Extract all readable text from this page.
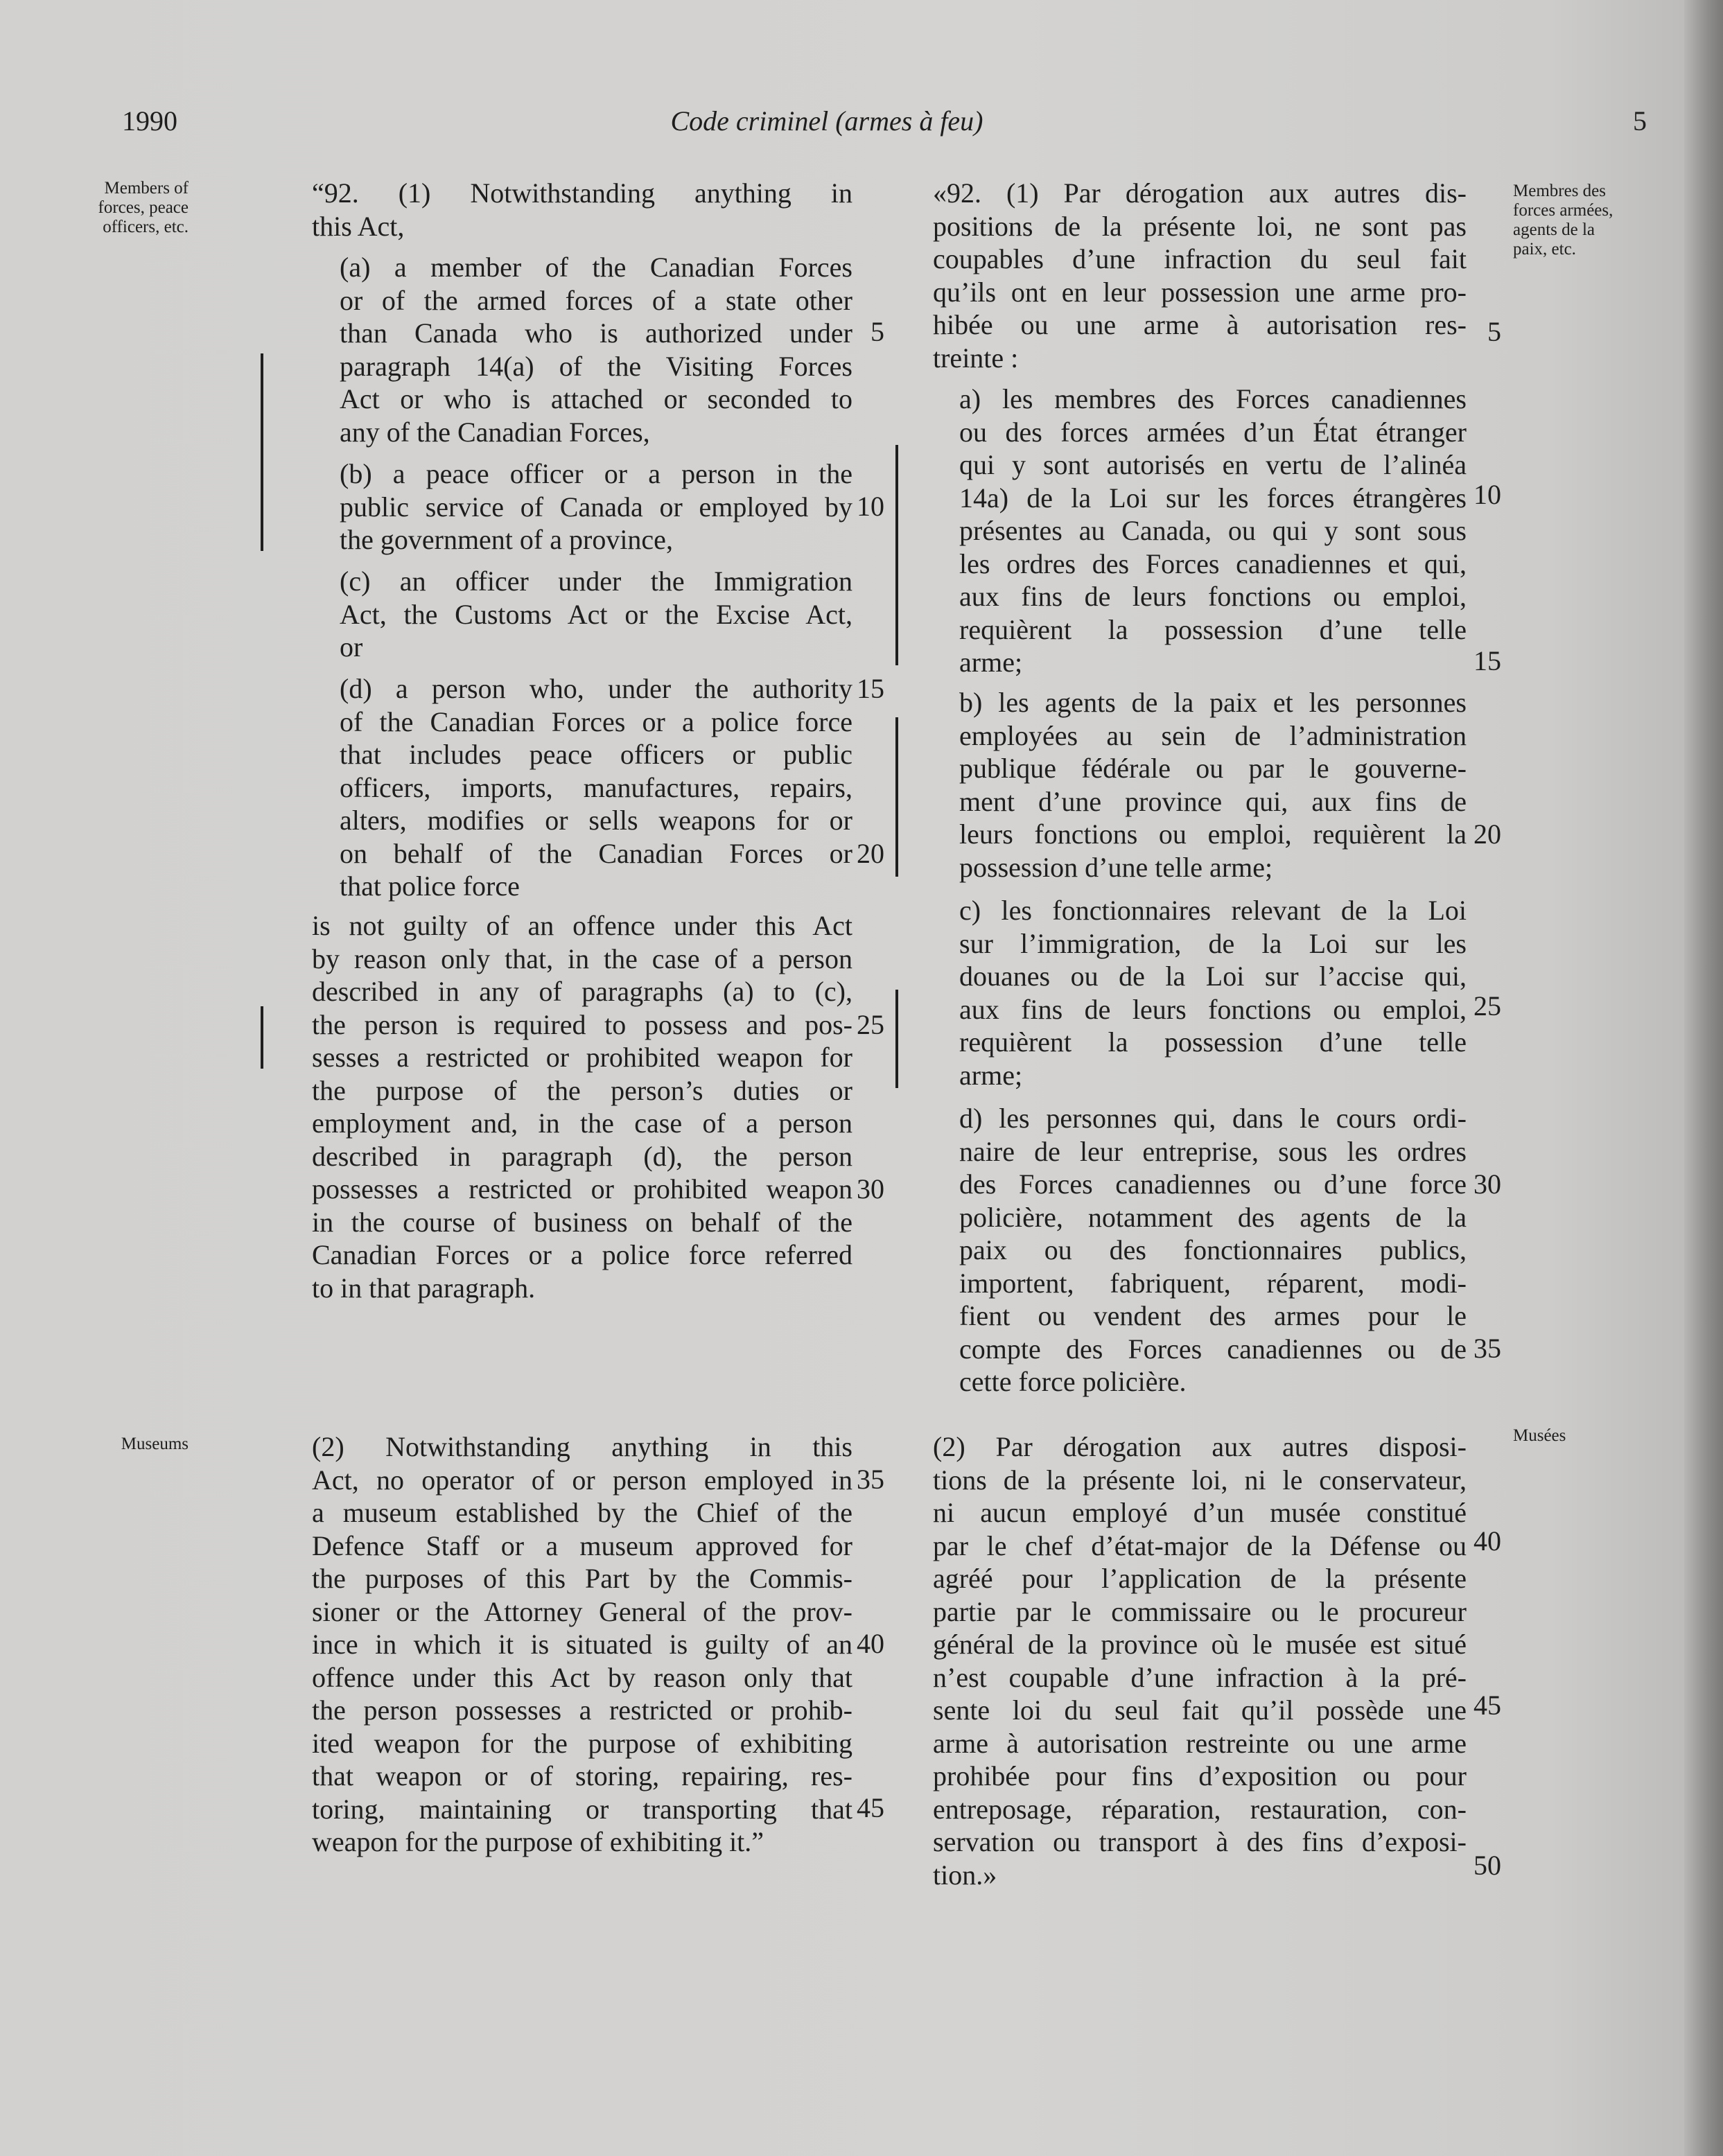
1990	Code criminel (armes à feu)	5
Members of forces, peace officers, etc.
Museums
Membres des forces armées, agents de la paix, etc.
Musées

“92. (1) Notwithstanding anything in

this Act,

(a) a member of the Canadian Forces

or of the armed forces of a state other

than Canada who is authorized under

paragraph 14(a) of the Visiting Forces

Act or who is attached or seconded to

any of the Canadian Forces,

(b) a peace officer or a person in the

public service of Canada or employed by

the government of a province,

(c) an officer under the Immigration

Act, the Customs Act or the Excise Act,

or

(d) a person who, under the authority

of the Canadian Forces or a police force

that includes peace officers or public

officers, imports, manufactures, repairs,

alters, modifies or sells weapons for or

on behalf of the Canadian Forces or

that police force

is not guilty of an offence under this Act

by reason only that, in the case of a person

described in any of paragraphs (a) to (c),

the person is required to possess and pos-

sesses a restricted or prohibited weapon for

the purpose of the person’s duties or

employment and, in the case of a person

described in paragraph (d), the person

possesses a restricted or prohibited weapon

in the course of business on behalf of the

Canadian Forces or a police force referred

to in that paragraph.

(2) Notwithstanding anything in this

Act, no operator of or person employed in

a museum established by the Chief of the

Defence Staff or a museum approved for

the purposes of this Part by the Commis-

sioner or the Attorney General of the prov-

ince in which it is situated is guilty of an

offence under this Act by reason only that

the person possesses a restricted or prohib-

ited weapon for the purpose of exhibiting

that weapon or of storing, repairing, res-

toring, maintaining or transporting that

weapon for the purpose of exhibiting it.”

«92. (1) Par dérogation aux autres dis-

positions de la présente loi, ne sont pas

coupables d’une infraction du seul fait

qu’ils ont en leur possession une arme pro-

hibée ou une arme à autorisation res-

treinte :

a) les membres des Forces canadiennes

ou des forces armées d’un État étranger

qui y sont autorisés en vertu de l’alinéa

14a) de la Loi sur les forces étrangères

présentes au Canada, ou qui y sont sous

les ordres des Forces canadiennes et qui,

aux fins de leurs fonctions ou emploi,

requièrent la possession d’une telle

arme;

b) les agents de la paix et les personnes

employées au sein de l’administration

publique fédérale ou par le gouverne-

ment d’une province qui, aux fins de

leurs fonctions ou emploi, requièrent la

possession d’une telle arme;

c) les fonctionnaires relevant de la Loi

sur l’immigration, de la Loi sur les

douanes ou de la Loi sur l’accise qui,

aux fins de leurs fonctions ou emploi,

requièrent la possession d’une telle

arme;

d) les personnes qui, dans le cours ordi-

naire de leur entreprise, sous les ordres

des Forces canadiennes ou d’une force

policière, notamment des agents de la

paix ou des fonctionnaires publics,

importent, fabriquent, réparent, modi-

fient ou vendent des armes pour le

compte des Forces canadiennes ou de

cette force policière.

(2) Par dérogation aux autres disposi-

tions de la présente loi, ni le conservateur,

ni aucun employé d’un musée constitué

par le chef d’état-major de la Défense ou

agréé pour l’application de la présente

partie par le commissaire ou le procureur

général de la province où le musée est situé

n’est coupable d’une infraction à la pré-

sente loi du seul fait qu’il possède une

arme à autorisation restreinte ou une arme

prohibée pour fins d’exposition ou pour

entreposage, réparation, restauration, con-

servation ou transport à des fins d’exposi-

tion.»

5
10
15
20
25
30
35
40
45
5
10
15
20
25
30
35
40
45
50
